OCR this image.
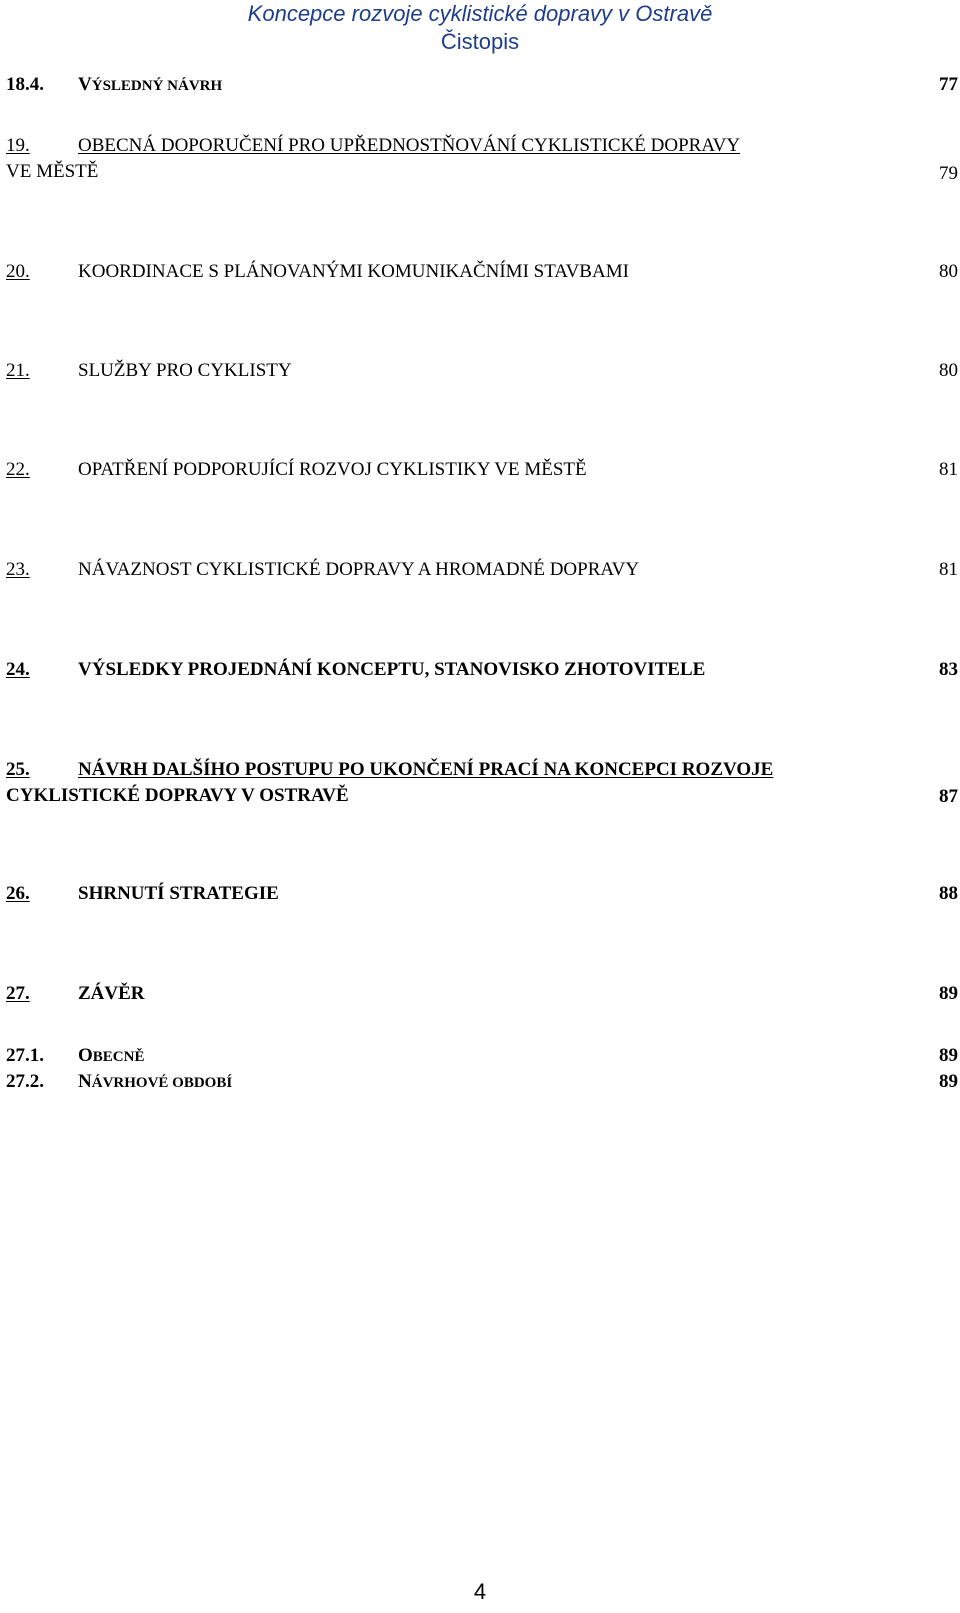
Koncepce rozvoje cyklistické dopravy v Ostravě
Čistopis
18.4. VÝSLEDNÝ NÁVRH	77
19.	OBECNÁ DOPORUČENÍ PRO UPŘEDNOSTŇOVÁNÍ CYKLISTICKÉ DOPRAVY
VE MĚSTĚ	79
20.	KOORDINACE S PLÁNOVANÝMI KOMUNIKAČNÍMI STAVBAMI	80
21.	SLUŽBY PRO CYKLISTY	80
22.	OPATŘENÍ PODPORUJÍCÍ ROZVOJ CYKLISTIKY VE MĚSTĚ	81
23.	NÁVAZNOST CYKLISTICKÉ DOPRAVY A HROMADNÉ DOPRAVY	81
24.	VÝSLEDKY PROJEDNÁNÍ KONCEPTU, STANOVISKO ZHOTOVITELE	83
25.	NÁVRH DALŠÍHO POSTUPU PO UKONČENÍ PRACÍ NA KONCEPCI ROZVOJE
CYKLISTICKÉ DOPRAVY V OSTRAVĚ	87
26.	SHRNUTÍ STRATEGIE	88
27.	ZÁVĚR	89
27.1. OBECNĚ	89
27.2. NÁVRHOVÉ OBDOBÍ	89
4
